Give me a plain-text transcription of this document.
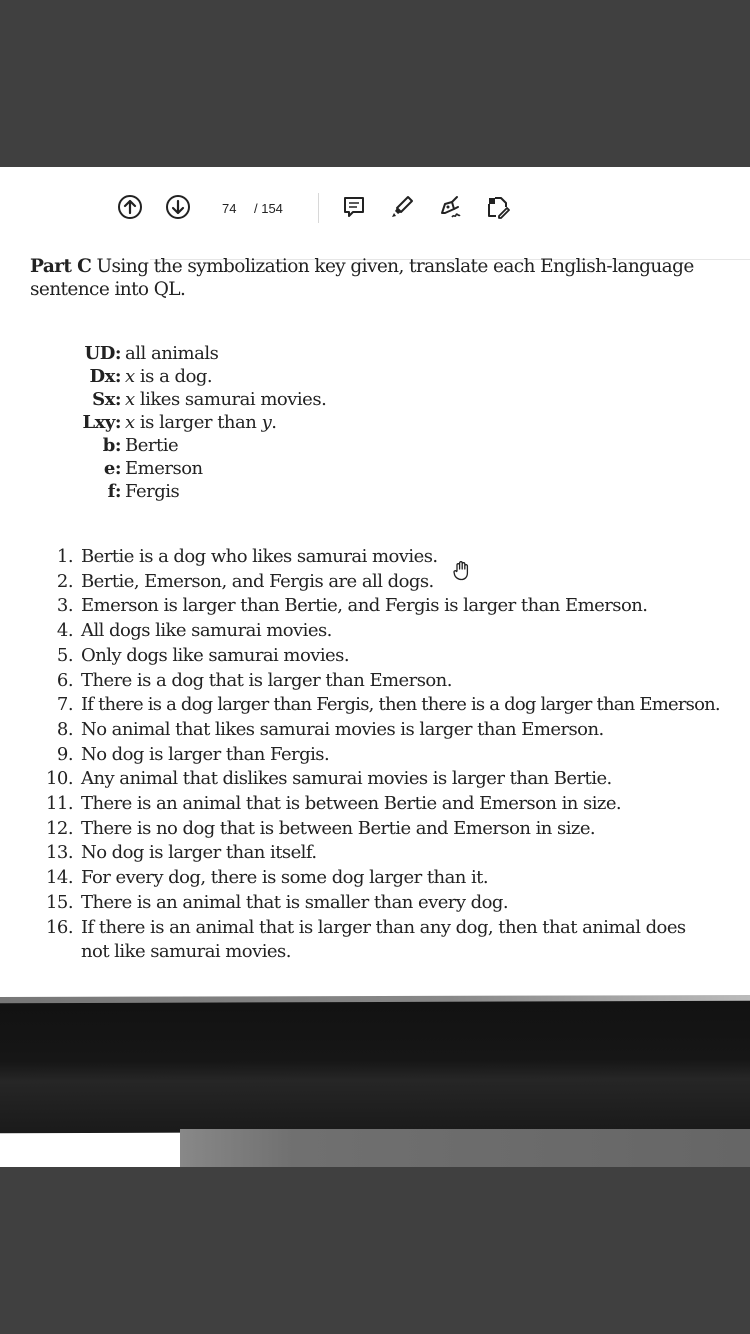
74 / 154
Part C Using the symbolization key given, translate each English-language
sentence into QL.
UD: all animals
Dx: x is a dog.
Sx: x likes samurai movies.
Lxy: x is larger than y.
b: Bertie
e: Emerson
f: Fergis
1. Bertie is a dog who likes samurai movies.
2. Bertie, Emerson, and Fergis are all dogs.
3. Emerson is larger than Bertie, and Fergis is larger than Emerson.
4. All dogs like samurai movies.
5. Only dogs like samurai movies.
6. There is a dog that is larger than Emerson.
7. If there is a dog larger than Fergis, then there is a dog larger than Emerson.
8. No animal that likes samurai movies is larger than Emerson.
9. No dog is larger than Fergis.
10. Any animal that dislikes samurai movies is larger than Bertie.
11. There is an animal that is between Bertie and Emerson in size.
12. There is no dog that is between Bertie and Emerson in size.
13. No dog is larger than itself.
14. For every dog, there is some dog larger than it.
15. There is an animal that is smaller than every dog.
16. If there is an animal that is larger than any dog, then that animal does
not like samurai movies.
